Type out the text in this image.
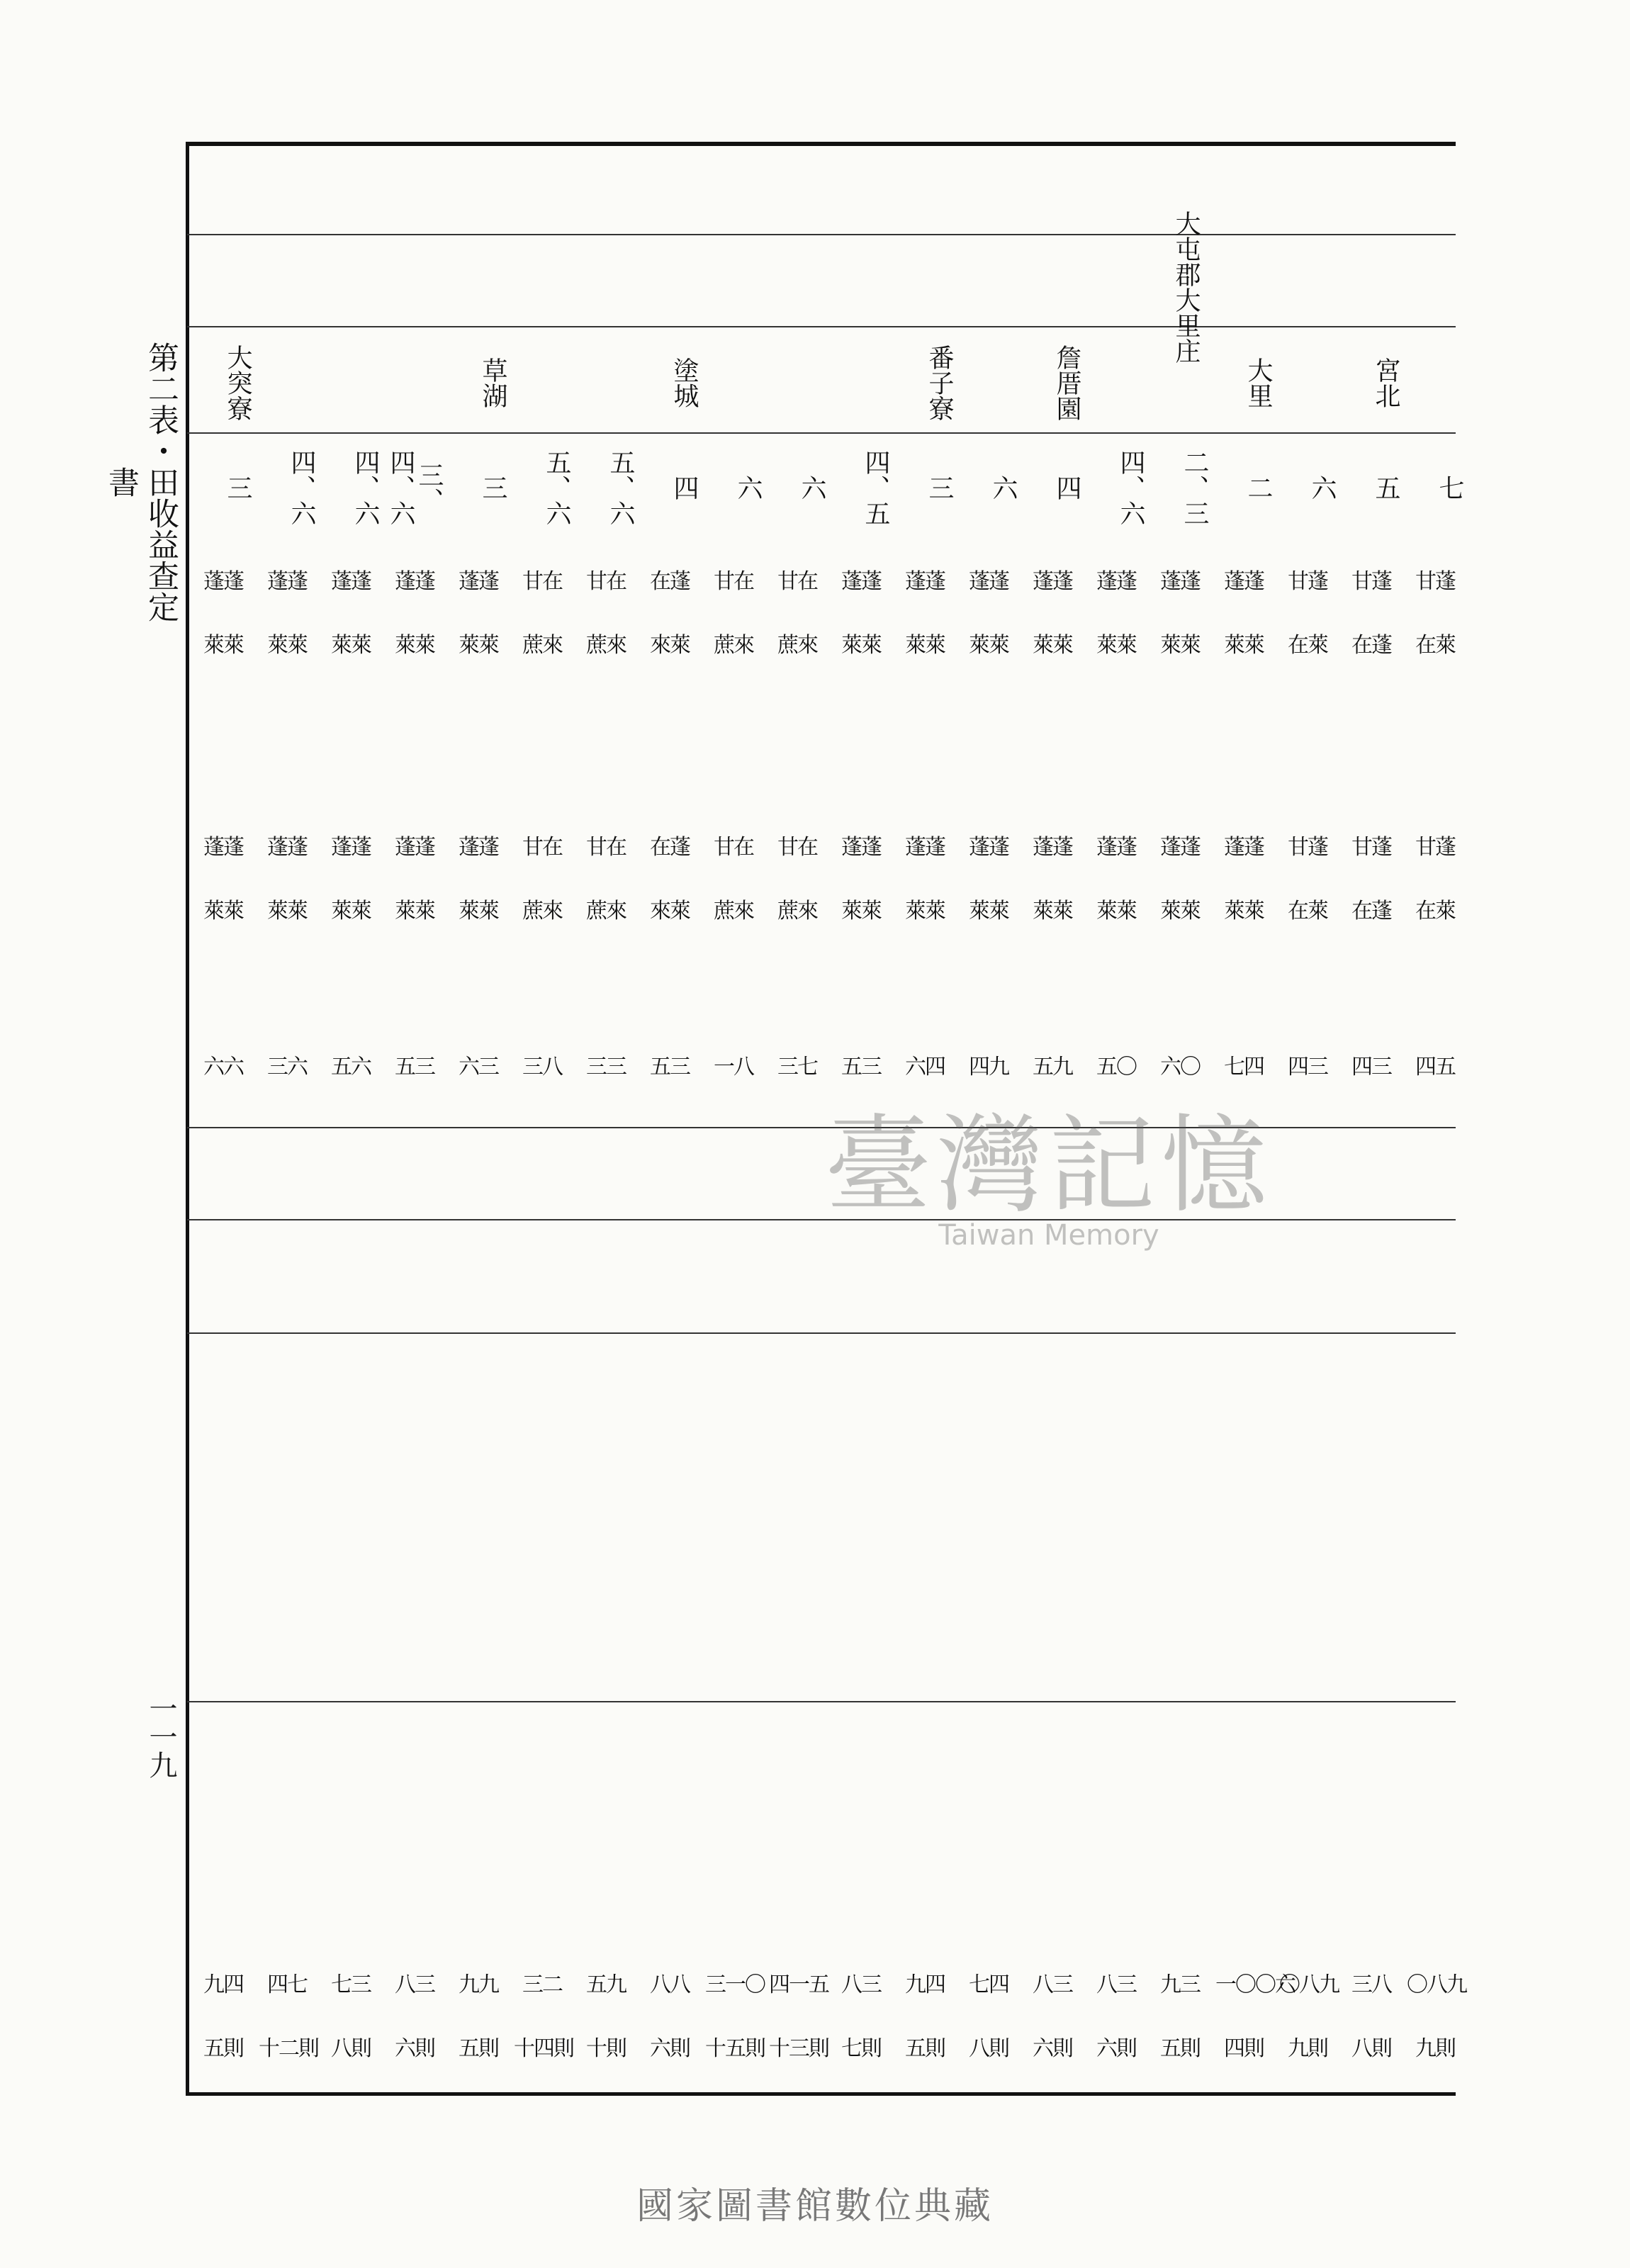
第二表・田收益查定書
一一九
大屯郡大里庄
七
甘蓬
在萊
甘蓬
在萊
四五
〇八九
九則
宮北
五
甘蓬
在蓬
甘蓬
在蓬
四三
三八
八則
六
甘蓬
在萊
甘蓬
在萊
四三
〇八九
九則
大里
二
蓬蓬
萊萊
蓬蓬
萊萊
七四
一〇〇六
四則
二、三
蓬蓬
萊萊
蓬蓬
萊萊
六〇
九三
五則
四、六
蓬蓬
萊萊
蓬蓬
萊萊
五〇
八三
六則
詹厝園
四
蓬蓬
萊萊
蓬蓬
萊萊
五九
八三
六則
六
蓬蓬
萊萊
蓬蓬
萊萊
四九
七四
八則
番子寮
三
蓬蓬
萊萊
蓬蓬
萊萊
六四
九四
五則
四、五
蓬蓬
萊萊
蓬蓬
萊萊
五三
八三
七則
六
甘在
蔗來
甘在
蔗來
三七
四一五
十三則
六
甘在
蔗來
甘在
蔗來
一八
三一〇
十五則
塗城
四
在蓬
來萊
在蓬
來萊
五三
八八
六則
五、六
甘在
蔗來
甘在
蔗來
三三
五九
十則
五、六
甘在
蔗來
甘在
蔗來
三八
三二
十四則
草湖
三
蓬蓬
萊萊
蓬蓬
萊萊
六三
九九
五則
三、四、六
蓬蓬
萊萊
蓬蓬
萊萊
五三
八三
六則
四、六
蓬蓬
萊萊
蓬蓬
萊萊
五六
七三
八則
四、六
蓬蓬
萊萊
蓬蓬
萊萊
三六
四七
十二則
大突寮
三
蓬蓬
萊萊
蓬蓬
萊萊
六六
九四
五則
臺灣記憶
Taiwan Memory
國家圖書館數位典藏
